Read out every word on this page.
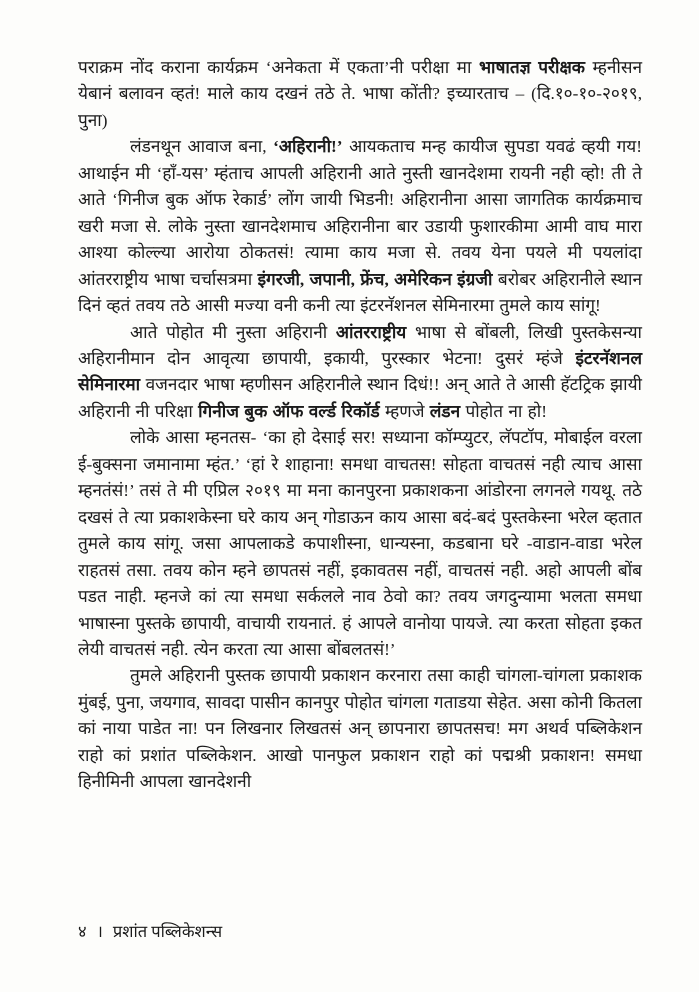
पराक्रम नोंद कराना कार्यक्रम ‘अनेकता में एकता’नी परीक्षा मा भाषातज्ञ परीक्षक म्हनीसन येबानं बलावन व्हतं! माले काय दखनं तठे ते. भाषा कोंती? इच्यारताच – (दि.१०-१०-२०१९, पुना)

लंडनथून आवाज बना, ‘अहिरानी!’ आयकताच मन्ह कायीज सुपडा यवढं व्हयी गय! आथाईन मी ‘हाँ-यस’ म्हंताच आपली अहिरानी आते नुस्ती खानदेशमा रायनी नही व्हो! ती ते आते ‘गिनीज बुक ऑफ रेकार्ड’ लोंग जायी भिडनी! अहिरानीना आसा जागतिक कार्यक्रमाच खरी मजा से. लोके नुस्ता खानदेशमाच अहिरानीना बार उडायी फुशारकीमा आमी वाघ मारा आश्या कोल्ल्या आरोया ठोकतसं! त्यामा काय मजा से. तवय येना पयले मी पयलांदा आंतरराष्ट्रीय भाषा चर्चासत्रमा इंगरजी, जपानी, फ्रेंच, अमेरिकन इंग्रजी बरोबर अहिरानीले स्थान दिनं व्हतं तवय तठे आसी मज्या वनी कनी त्या इंटरनॅशनल सेमिनारमा तुमले काय सांगू!

आते पोहोत मी नुस्ता अहिरानी आंतरराष्ट्रीय भाषा से बोंबली, लिखी पुस्तकेसन्या अहिरानीमान दोन आवृत्या छापायी, इकायी, पुरस्कार भेटना! दुसरं म्हंजे इंटरनॅशनल सेमिनारमा वजनदार भाषा म्हणीसन अहिरानीले स्थान दिधं!! अन् आते ते आसी हॅटट्रिक झायी अहिरानी नी परिक्षा गिनीज बुक ऑफ वर्ल्ड रिकॉर्ड म्हणजे लंडन पोहोत ना हो!

लोके आसा म्हनतस- ‘का हो देसाई सर! सध्याना कॉम्प्युटर, लॅपटॉप, मोबाईल वरला ई-बुक्सना जमानामा म्हंत.’ ‘हां रे शाहाना! समधा वाचतस! सोहता वाचतसं नही त्याच आसा म्हनतंसं!’ तसं ते मी एप्रिल २०१९ मा मना कानपुरना प्रकाशकना आंडोरना लगनले गयथू. तठे दखसं ते त्या प्रकाशकेस्ना घरे काय अन् गोडाऊन काय आसा बदं-बदं पुस्तकेस्ना भरेल व्हतात तुमले काय सांगू. जसा आपलाकडे कपाशीस्ना, धान्यस्ना, कडबाना घरे -वाडान-वाडा भरेल राहतसं तसा. तवय कोन म्हने छापतसं नहीं, इकावतस नहीं, वाचतसं नही. अहो आपली बोंब पडत नाही. म्हनजे कां त्या समधा सर्कलले नाव ठेवो का? तवय जगदुन्यामा भलता समधा भाषास्ना पुस्तके छापायी, वाचायी रायनातं. हं आपले वानोया पायजे. त्या करता सोहता इकत लेयी वाचतसं नही. त्येन करता त्या आसा बोंबलतसं!’

तुमले अहिरानी पुस्तक छापायी प्रकाशन करनारा तसा काही चांगला-चांगला प्रकाशक मुंबई, पुना, जयगाव, सावदा पासीन कानपुर पोहोत चांगला गताडया सेहेत. असा कोनी कितला कां नाया पाडेत ना! पन लिखनार लिखतसं अन् छापनारा छापतसच! मग अथर्व पब्लिकेशन राहो कां प्रशांत पब्लिकेशन. आखो पानफुल प्रकाशन राहो कां पद्मश्री प्रकाशन! समधा हिनीमिनी आपला खानदेशनी

४ । प्रशांत पब्लिकेशन्स
